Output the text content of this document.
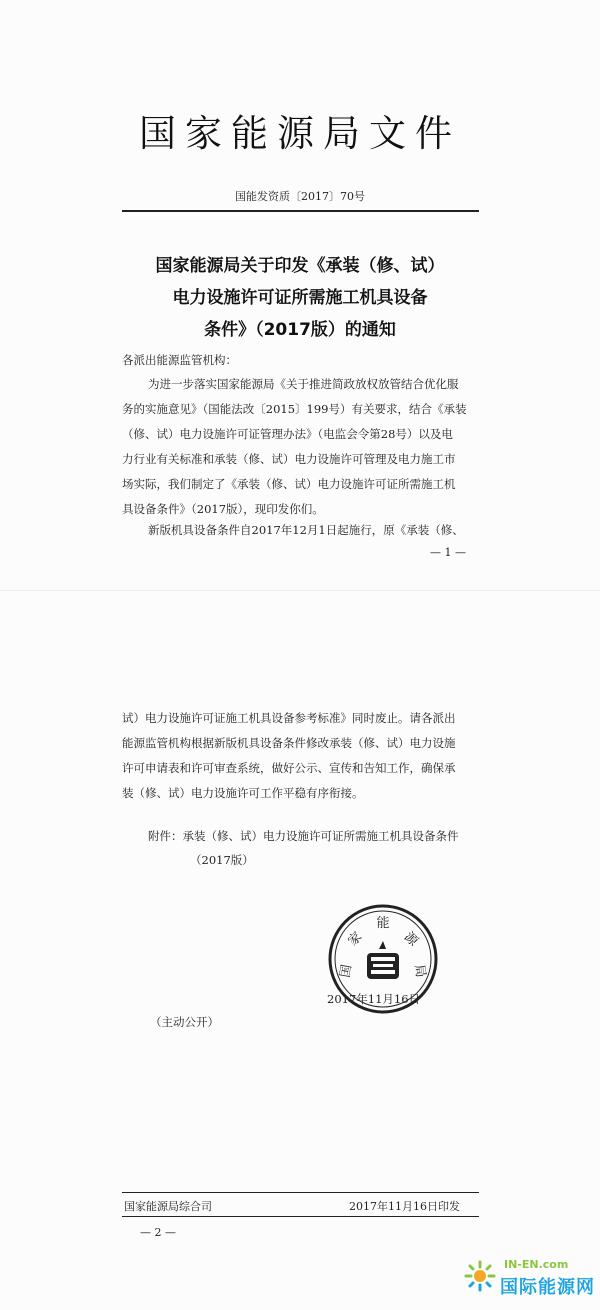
国家能源局文件
国能发资质〔2017〕70号
国家能源局关于印发《承装（修、试）
电力设施许可证所需施工机具设备
条件》（2017版）的通知
各派出能源监管机构：
为进一步落实国家能源局《关于推进简政放权放管结合优化服
务的实施意见》（国能法改〔2015〕199号）有关要求，结合《承装
（修、试）电力设施许可证管理办法》（电监会令第28号）以及电
力行业有关标准和承装（修、试）电力设施许可管理及电力施工市
场实际，我们制定了《承装（修、试）电力设施许可证所需施工机
具设备条件》（2017版），现印发你们。
新版机具设备条件自2017年12月1日起施行，原《承装（修、
— 1 —
试）电力设施许可证施工机具设备参考标准》同时废止。请各派出
能源监管机构根据新版机具设备条件修改承装（修、试）电力设施
许可申请表和许可审查系统，做好公示、宣传和告知工作，确保承
装（修、试）电力设施许可工作平稳有序衔接。
附件：承装（修、试）电力设施许可证所需施工机具设备条件
（2017版）
能
家	源
国	局
2017年11月16日
（主动公开）
国家能源局综合司	2017年11月16日印发
— 2 —
IN-EN.com
国际能源网
